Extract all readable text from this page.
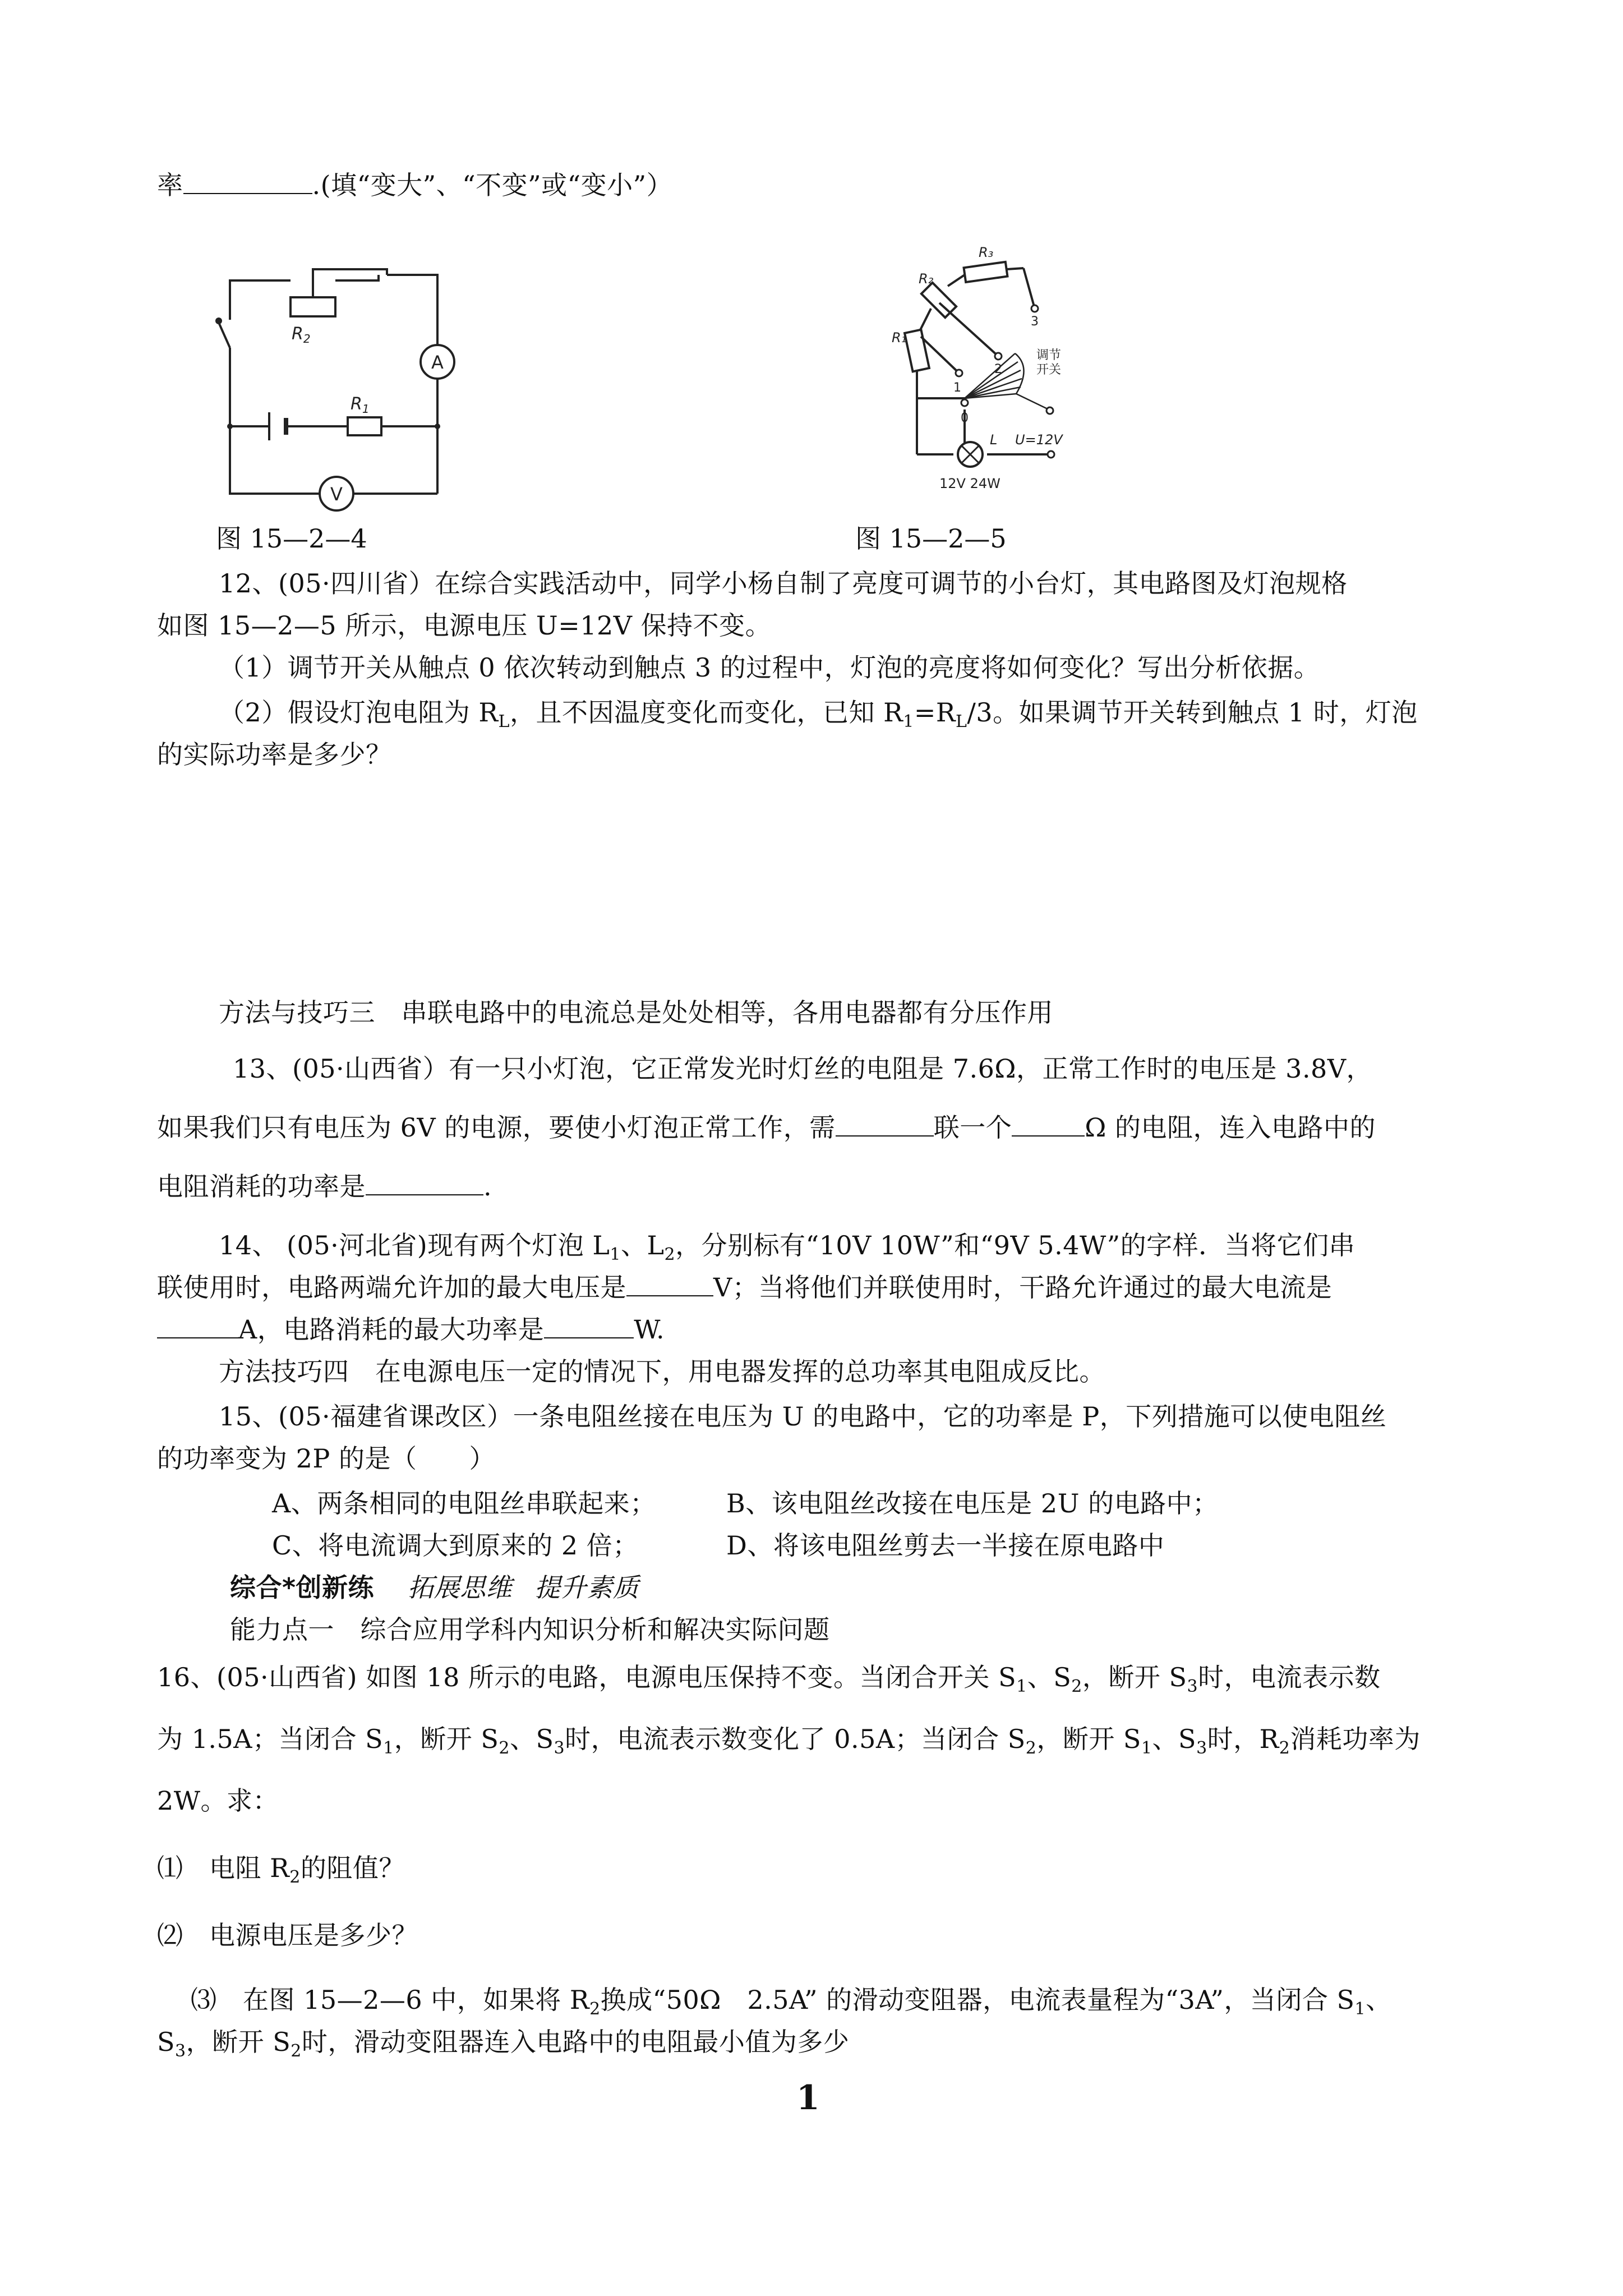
率	.(填“变大”、“不变”或“变小”）
A
V
$R_2$
$R_1$
图 15—2—4
R₁
R₂
R₃
1
2
3
0
调节
开关
L U=12V
12V 24W
图 15—2—5
12、(05·四川省）在综合实践活动中，同学小杨自制了亮度可调节的小台灯，其电路图及灯泡规格
如图 15—2—5 所示，电源电压 U=12V 保持不变。
（1）调节开关从触点 0 依次转动到触点 3 的过程中，灯泡的亮度将如何变化？写出分析依据。
（2）假设灯泡电阻为 $R_L$，且不因温度变化而变化，已知 $R_1=R_L/3$。如果调节开关转到触点 1 时，灯泡
的实际功率是多少？
方法与技巧三　串联电路中的电流总是处处相等，各用电器都有分压作用
13、(05·山西省）有一只小灯泡，它正常发光时灯丝的电阻是 7.6Ω，正常工作时的电压是 3.8V，
如果我们只有电压为 6V 的电源，要使小灯泡正常工作，需	联一个	Ω 的电阻，连入电路中的
电阻消耗的功率是	.
14、 (05·河北省)现有两个灯泡 $L_1$、$L_2$，分别标有“10V 10W”和“9V 5.4W”的字样．当将它们串
联使用时，电路两端允许加的最大电压是	V；当将他们并联使用时，干路允许通过的最大电流是
A，电路消耗的最大功率是	W.
方法技巧四　在电源电压一定的情况下，用电器发挥的总功率其电阻成反比。
15、(05·福建省课改区）一条电阻丝接在电压为 U 的电路中，它的功率是 P，下列措施可以使电阻丝
的功率变为 2P 的是（　　）
A、两条相同的电阻丝串联起来；	B、该电阻丝改接在电压是 2U 的电路中；
C、将电流调大到原来的 2 倍；	D、将该电阻丝剪去一半接在原电路中
综合*创新练 拓展思维 提升素质
能力点一　综合应用学科内知识分析和解决实际问题
16、(05·山西省) 如图 18 所示的电路，电源电压保持不变。当闭合开关 $S_1$、$S_2$，断开 $S_3$时，电流表示数
为 1.5A；当闭合 $S_1$，断开 $S_2$、$S_3$时，电流表示数变化了 0.5A；当闭合 $S_2$，断开 $S_1$、$S_3$时，$R_2$消耗功率为
2W。求：
⑴　电阻 $R_2$的阻值？
⑵　电源电压是多少？
⑶　在图 15—2—6 中，如果将 $R_2$换成“50Ω　2.5A” 的滑动变阻器，电流表量程为“3A”，当闭合 $S_1$、
$S_3$，断开 $S_2$时，滑动变阻器连入电路中的电阻最小值为多少
1
